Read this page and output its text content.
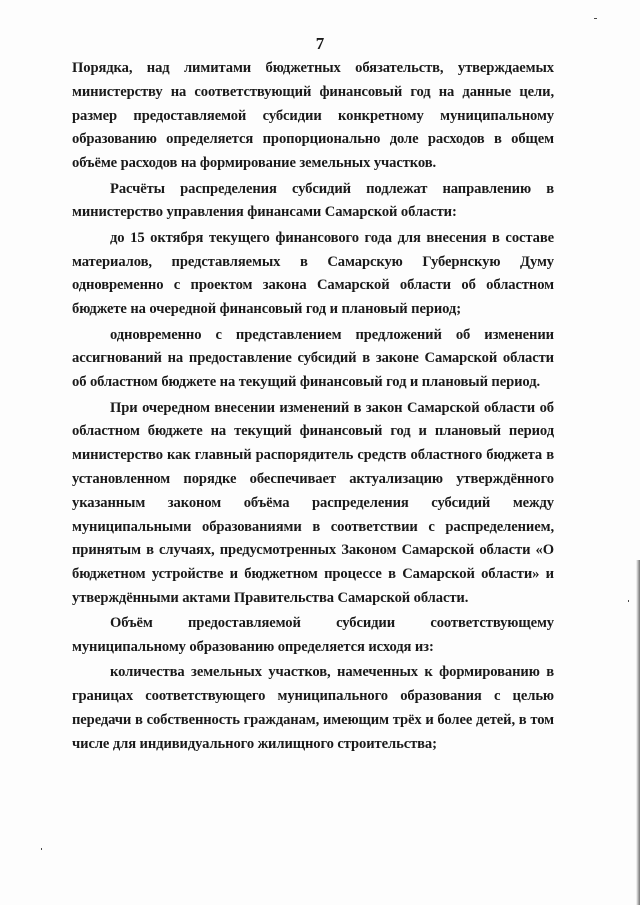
7

Порядка, над лимитами бюджетных обязательств, утверждаемых министерству на соответствующий финансовый год на данные цели, размер предоставляемой субсидии конкретному муниципальному образованию определяется пропорционально доле расходов в общем объёме расходов на формирование земельных участков.

Расчёты распределения субсидий подлежат направлению в министерство управления финансами Самарской области:

до 15 октября текущего финансового года для внесения в составе материалов, представляемых в Самарскую Губернскую Думу одновременно с проектом закона Самарской области об областном бюджете на очередной финансовый год и плановый период;

одновременно с представлением предложений об изменении ассигнований на предоставление субсидий в законе Самарской области об областном бюджете на текущий финансовый год и плановый период.

При очередном внесении изменений в закон Самарской области об областном бюджете на текущий финансовый год и плановый период министерство как главный распорядитель средств областного бюджета в установленном порядке обеспечивает актуализацию утверждённого указанным законом объёма распределения субсидий между муниципальными образованиями в соответствии с распределением, принятым в случаях, предусмотренных Законом Самарской области «О бюджетном устройстве и бюджетном процессе в Самарской области» и утверждёнными актами Правительства Самарской области.

Объём предоставляемой субсидии соответствующему муниципальному образованию определяется исходя из:

количества земельных участков, намеченных к формированию в границах соответствующего муниципального образования с целью передачи в собственность гражданам, имеющим трёх и более детей, в том числе для индивидуального жилищного строительства;
